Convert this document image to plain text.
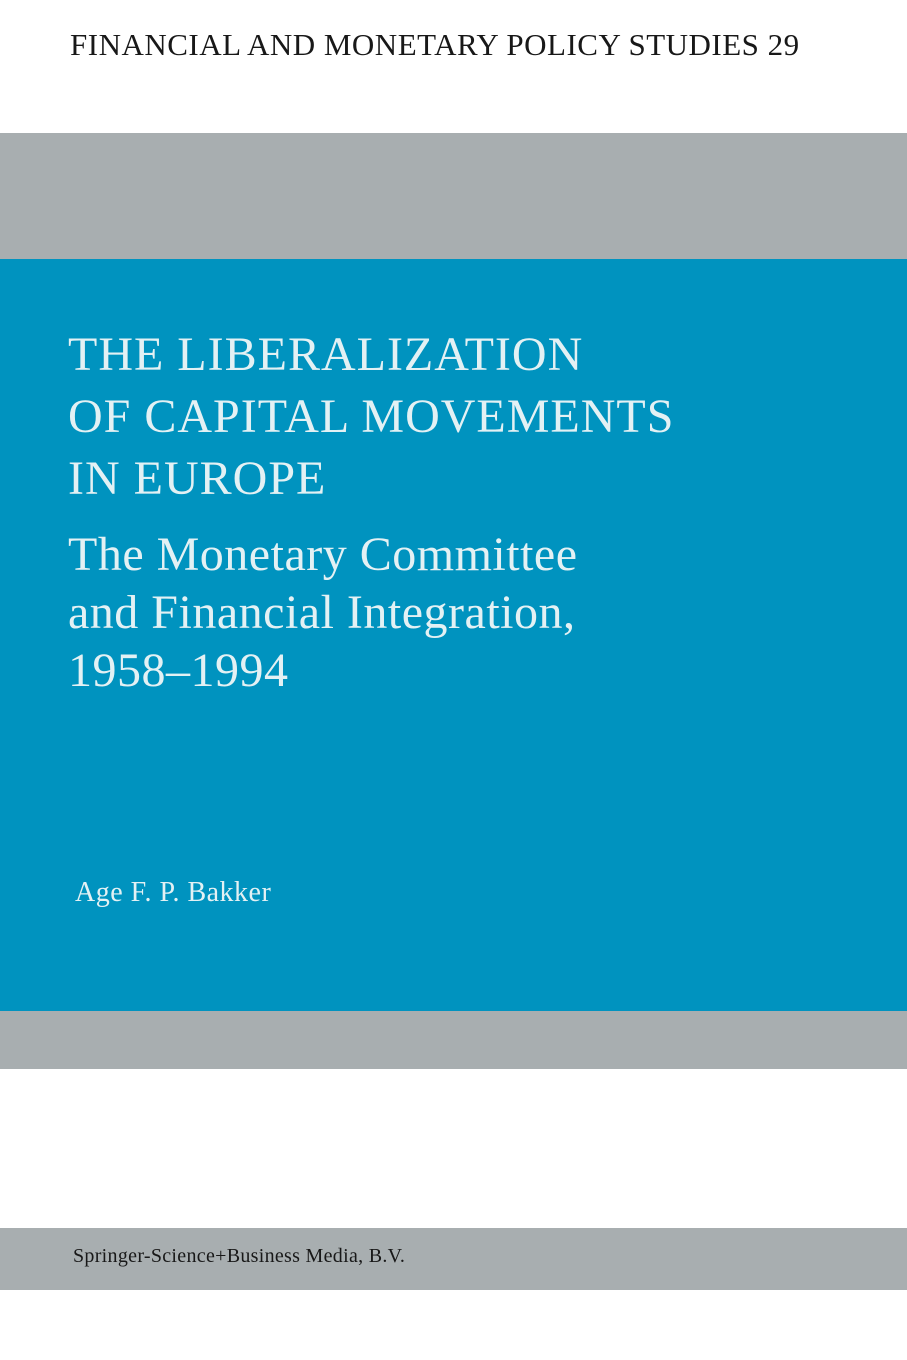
FINANCIAL AND MONETARY POLICY STUDIES 29
THE LIBERALIZATION
OF CAPITAL MOVEMENTS
IN EUROPE
The Monetary Committee
and Financial Integration,
1958–1994
Age F. P. Bakker
Springer-Science+Business Media, B.V.
